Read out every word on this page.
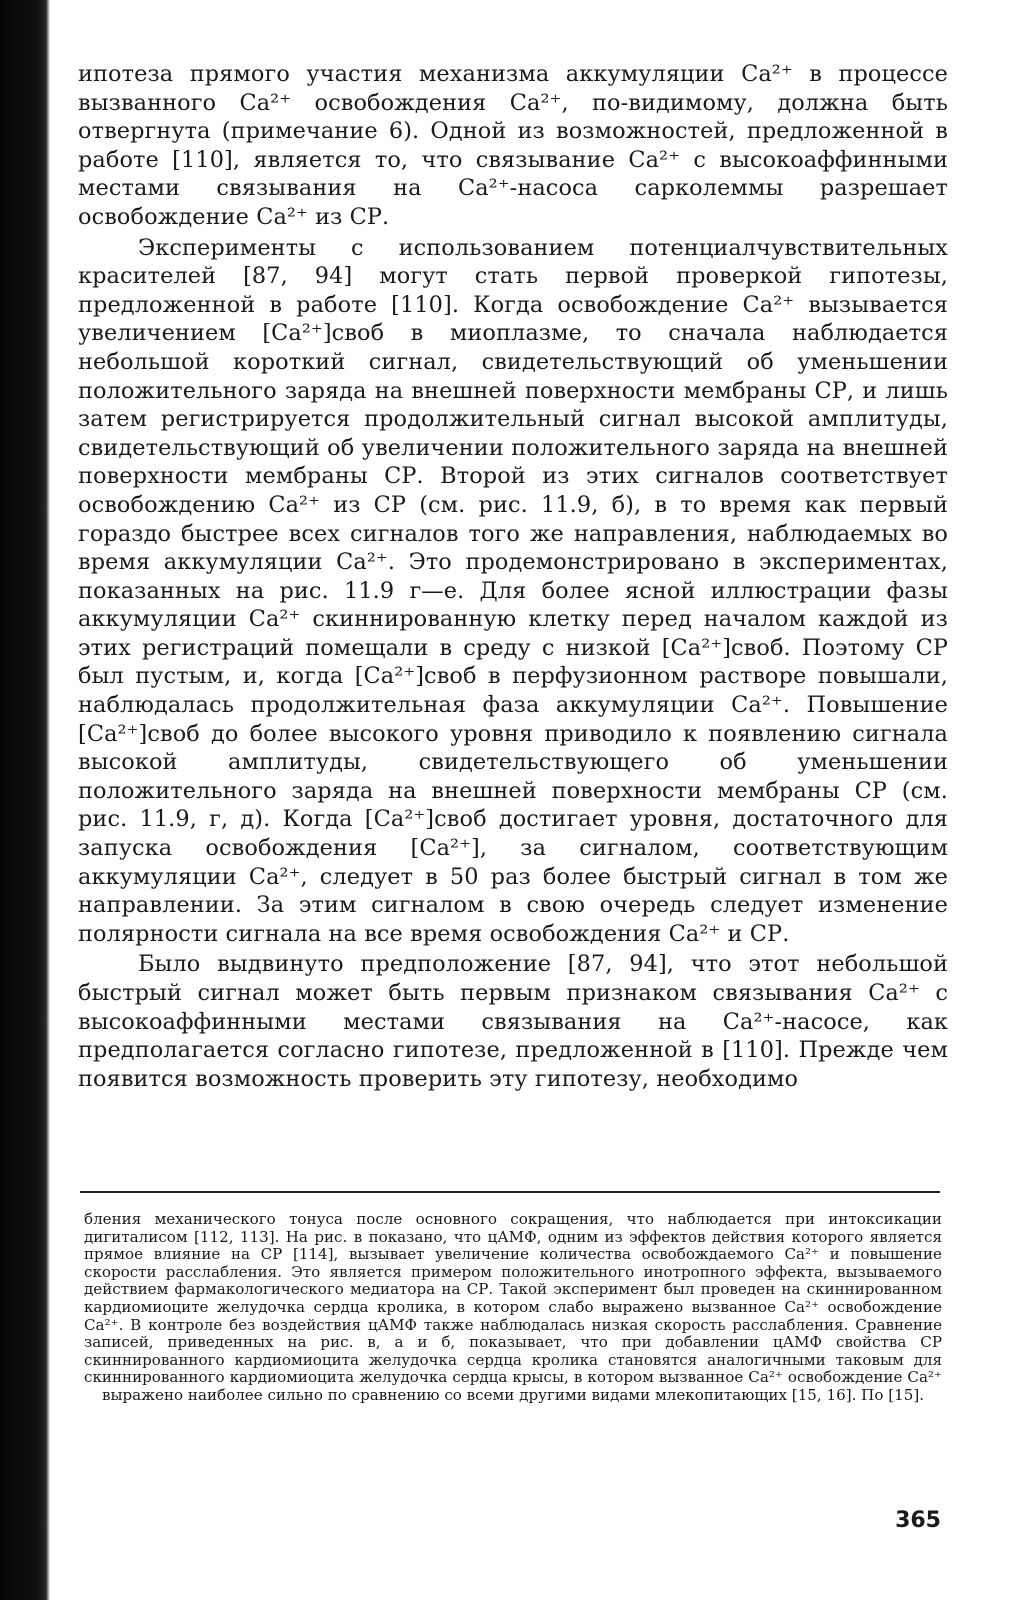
ипотеза прямого участия механизма аккумуляции Ca²⁺ в процессе вызванного Ca²⁺ освобождения Ca²⁺, по-видимому, должна быть отвергнута (примечание 6). Одной из возможностей, предложенной в работе [110], является то, что связывание Ca²⁺ с высокоаффинными местами связывания на Ca²⁺-насоса сарколеммы разрешает освобождение Ca²⁺ из СР.

Эксперименты с использованием потенциалчувствительных красителей [87, 94] могут стать первой проверкой гипотезы, предложенной в работе [110]. Когда освобождение Ca²⁺ вызывается увеличением [Ca²⁺]своб в миоплазме, то сначала наблюдается небольшой короткий сигнал, свидетельствующий об уменьшении положительного заряда на внешней поверхности мембраны СР, и лишь затем регистрируется продолжительный сигнал высокой амплитуды, свидетельствующий об увеличении положительного заряда на внешней поверхности мембраны СР. Второй из этих сигналов соответствует освобождению Ca²⁺ из СР (см. рис. 11.9, б), в то время как первый гораздо быстрее всех сигналов того же направления, наблюдаемых во время аккумуляции Ca²⁺. Это продемонстрировано в экспериментах, показанных на рис. 11.9 г—е. Для более ясной иллюстрации фазы аккумуляции Ca²⁺ скиннированную клетку перед началом каждой из этих регистраций помещали в среду с низкой [Ca²⁺]своб. Поэтому СР был пустым, и, когда [Ca²⁺]своб в перфузионном растворе повышали, наблюдалась продолжительная фаза аккумуляции Ca²⁺. Повышение [Ca²⁺]своб до более высокого уровня приводило к появлению сигнала высокой амплитуды, свидетельствующего об уменьшении положительного заряда на внешней поверхности мембраны СР (см. рис. 11.9, г, д). Когда [Ca²⁺]своб достигает уровня, достаточного для запуска освобождения [Ca²⁺], за сигналом, соответствующим аккумуляции Ca²⁺, следует в 50 раз более быстрый сигнал в том же направлении. За этим сигналом в свою очередь следует изменение полярности сигнала на все время освобождения Ca²⁺ и СР.

Было выдвинуто предположение [87, 94], что этот небольшой быстрый сигнал может быть первым признаком связывания Ca²⁺ с высокоаффинными местами связывания на Ca²⁺-насосе, как предполагается согласно гипотезе, предложенной в [110]. Прежде чем появится возможность проверить эту гипотезу, необходимо

бления механического тонуса после основного сокращения, что наблюдается при интоксикации дигиталисом [112, 113]. На рис. в показано, что цАМФ, одним из эффектов действия которого является прямое влияние на СР [114], вызывает увеличение количества освобождаемого Ca²⁺ и повышение скорости расслабления. Это является примером положительного инотропного эффекта, вызываемого действием фармакологического медиатора на СР. Такой эксперимент был проведен на скиннированном кардиомиоците желудочка сердца кролика, в котором слабо выражено вызванное Ca²⁺ освобождение Ca²⁺. В контроле без воздействия цАМФ также наблюдалась низкая скорость расслабления. Сравнение записей, приведенных на рис. в, а и б, показывает, что при добавлении цАМФ свойства СР скиннированного кардиомиоцита желудочка сердца кролика становятся аналогичными таковым для скиннированного кардиомиоцита желудочка сердца крысы, в котором вызванное Ca²⁺ освобождение Ca²⁺ выражено наиболее сильно по сравнению со всеми другими видами млекопитающих [15, 16]. По [15].

365
